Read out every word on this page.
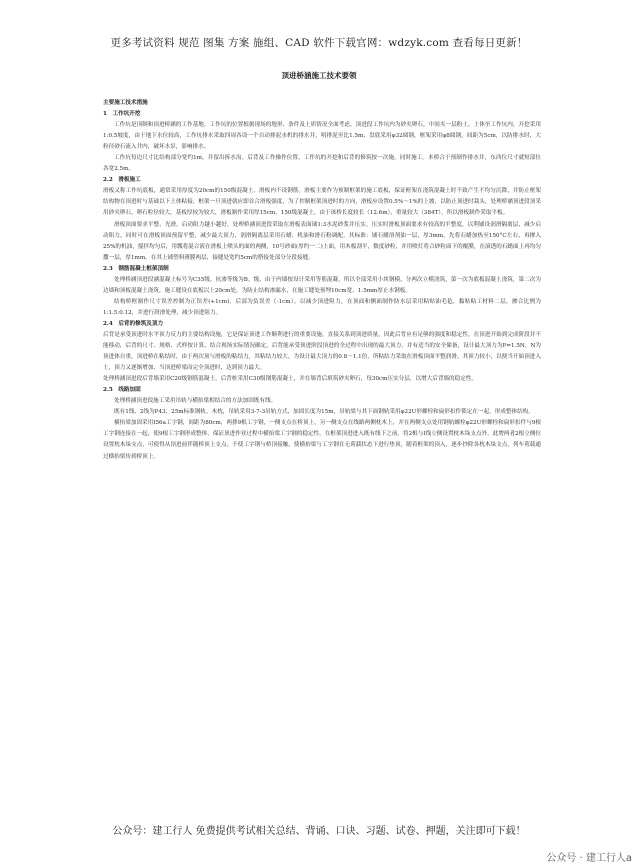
更多考试资料 规范 图集 方案 施组、CAD 软件下载官网：wdzyk.com 查看每日更新！
顶进桥涵施工技术要领

主要施工技术措施

1　工作坑开挖

工作坑是顶制和顶进桥涵的工作基地。工作坑的位置根据现场的地形、条件及土质情况全面考虑，顶进段工作坑内为砂夹卵石，中间夹一层粉土，土体至工作坑内，开挖采用1:0.5坡度，由于地下水位较高，工作坑排水采取四周各设一个自动排泥水机的排水井，明排泥至比1.5m，盘底采用φ32圆钢，框架采用φ8圆钢，间距为5cm，以防排水时，大粒径砂石流入井内，破坏水泵，影响排水。

工作坑每边尺寸比结构部分宽约1m，并留出拆水沟。后背及工作操作位置，工作坑的开挖和后背的修筑按一次施，同时施工。本桥合于预制作排水井，东西位尺寸就短部位各宽2.5m。

2.2　滑板施工

滑板又称工作坑底板，通常采用厚度为20cm的150级混凝土，滑板内不设钢筋。滑板主要作为预制框架的施工底板，保证框架在浇筑混凝土时不致产生不均匀沉降，并防止框架结构物在顶进时与基础以下土体粘接，框架一旦顶进就应即首合滑板强度，为了控制框架顶进时的方向，滑板应设置0.5%～1%的上坡，以防止顶进时栽头，处理桥涵顶进段顶采用砂夹卵石，卵石粒径较大，基板厚较为较大，滑板制作采用厚15cm、150级混凝土，由于该桥长度较长（12.6m），重量较大（384T），所以滑板制作采取平板。

滑板顶面要求平整、光滑，启动阻力越小越好，处理桥涵顶进段采取在滑板表面铺1:3水泥砂浆并压实，压实时滑板顶面要求有较高的平整度，以利铺设润滑隔离层，减少启动阻力，同时可在滑板顶面预留平整，减少最大顶力，润滑隔离层采用石蜡、机油和滑石粉调配，其标准：铺石蜡溶剂油一层，厚3mm，先将石蜡加热至150°C左右，再掺入25%的机油，搅拌均匀后，用瓢将混合液在滑板上喷头的面的两侧，10号砂面(厚约一二)上面，用木板刮平，数度砂粒，并用喷灯将合砂粒面下的覆膜，在滚透的石蜡面上再均匀撒一层，厚1mm，在其上铺塑料薄膜两层，接缝处宽约5cm的搭接处部分分段接缝。

2.3　钢筋混凝土框架顶制

处理桥涵顶进段涵混凝土标号为C35级，抗渗等级为B。级，由于内墙按设计采用等筋混凝，所以全部采用小块钢模，分两次立模浇筑，第一次为底板混凝土浇筑，第二次为边墙和顶板混凝土浇筑，施工缝设在底板以上20cm处，为防止结构渗漏水，在施工缝处预埋10cm宽、1.5mm厚止水钢板。

结构桥框制作尺寸误差控制为正误差(+1cm)，后部为负误差（-1cm），以减少顶进阻力，在顶面和侧面制作防水层采用粘贴油毛毡，黏贴粘工材料二层，掺合比例为1:1.5:0.12，并进行润滑处理，减少顶进阻力。

2.4　后背的修筑及顶力

后背是承受顶进时水平顶力反力的主要结构设施，它是保证顶进工作顺利进行的重要设施，直接关系到顶进质量，因此后背应有足够的强度和稳定性，在顶进开始到完成阶段并不能移动，后背的尺寸、规格、式样按计算，结合现场实际情况确定，后背能承受顶进阶段顶进的全过程中出现的最大顶力，并有适当的安全储备，设计最大顶力为P=1.5N，N为顶进体自重，顶进桥在粘结时，由于两次顶与滑板的粘结力，其粘结力较大，为设计最大顶力的0.8～1.1倍，所粘结力采取在滑板顶面平整润滑，其顶力较小，以便当开始顶进入土，顶力又逐渐增加，当顶进桥梁而完全顶进时，达到顶力最大。

处理桥涵顶进段后背墙采用C20级钢筋混凝土，后背桩采用C30级钢筋混凝土，并在墙背后填筑砂夹卵石，每30cm压实分层，以增大后背墙的稳定性。

2.5　线路加固

处理桥涵顶进段施工采用吊轨与横抬梁相结合的方法加固既有线。

既有1线、2线为P43、25m标准钢轨、木枕，吊轨采用3-7-3吊轨方式，加固长度为15m，吊轨梁与其下面钢轨采用φ22U形螺栓和扁形扣件锁定在一起，形成整体结构。

横抬梁加固采用I56a工字钢，间距为80cm，两排9根工字钢，一侧支点在桥顶上，另一侧支点在线路两侧枕木上，并在两侧支点处用钢轨螺栓φ22U形螺栓和扁形扣件与9根工字钢连接在一起，使9根工字钢形成整体，保证顶进作业过程中横抬梁工字钢的稳定性，在框架顶进进入既有线下之前，将2根与I线立侧设置枕木垛支点外，此增两者2根立侧位设置枕木垛支点，可使得从顶进前伴随桥顶上支点，不使工字钢与桥顶接触，使横抬梁与工字钢在无荷载状态下进行垫顶，随着框架的顶入，逐步抄除各枕木垛支点，列车荷载通过横抬梁传到桥顶上。

公众号：建工行人 免费提供考试相关总结、背诵、口诀、习题、试卷、押题，关注即可下载！
公众号 · 建工行人a
